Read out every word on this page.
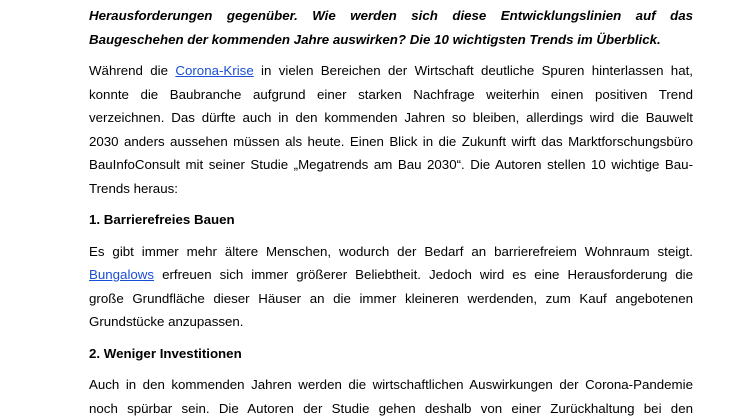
Herausforderungen gegenüber. Wie werden sich diese Entwicklungslinien auf das
Baugeschehen der kommenden Jahre auswirken? Die 10 wichtigsten Trends im Überblick.
Während die Corona-Krise in vielen Bereichen der Wirtschaft deutliche Spuren hinterlassen hat,
konnte die Baubranche aufgrund einer starken Nachfrage weiterhin einen positiven Trend
verzeichnen. Das dürfte auch in den kommenden Jahren so bleiben, allerdings wird die Bauwelt
2030 anders aussehen müssen als heute. Einen Blick in die Zukunft wirft das Marktforschungsbüro
BauInfoConsult mit seiner Studie „Megatrends am Bau 2030“. Die Autoren stellen 10 wichtige Bau-
Trends heraus:
1. Barrierefreies Bauen
Es gibt immer mehr ältere Menschen, wodurch der Bedarf an barrierefreiem Wohnraum steigt.
Bungalows erfreuen sich immer größerer Beliebtheit. Jedoch wird es eine Herausforderung die
große Grundfläche dieser Häuser an die immer kleineren werdenden, zum Kauf angebotenen
Grundstücke anzupassen.
2. Weniger Investitionen
Auch in den kommenden Jahren werden die wirtschaftlichen Auswirkungen der Corona-Pandemie
noch spürbar sein. Die Autoren der Studie gehen deshalb von einer Zurückhaltung bei den
